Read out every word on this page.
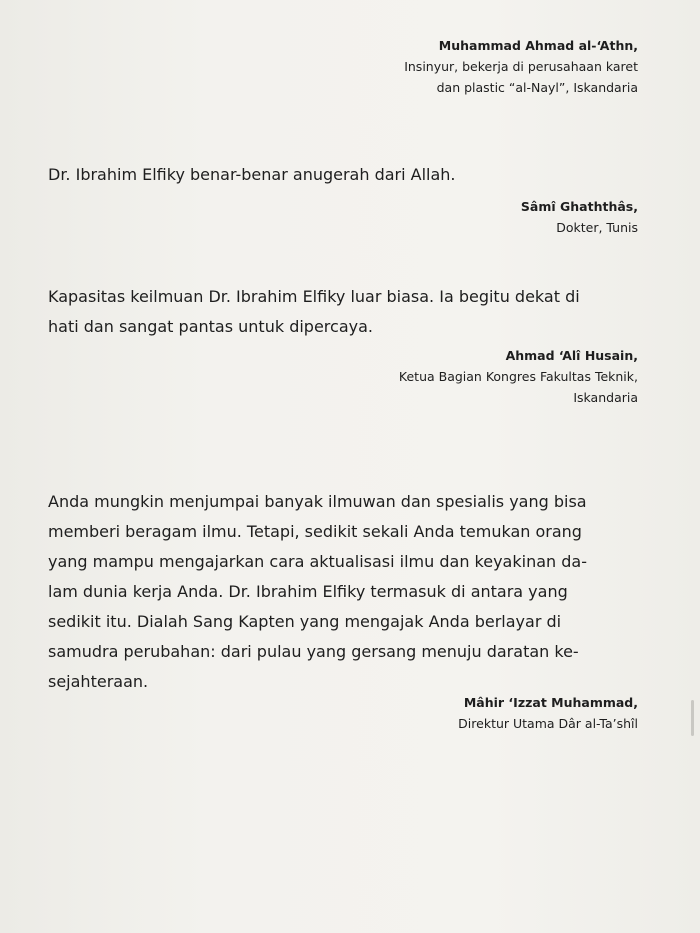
Muhammad Ahmad al-‘Athn,
Insinyur, bekerja di perusahaan karet
dan plastic “al-Nayl”, Iskandaria
Dr. Ibrahim Elfiky benar-benar anugerah dari Allah.
Sâmî Ghaththâs,
Dokter, Tunis
Kapasitas keilmuan Dr. Ibrahim Elfiky luar biasa. Ia begitu dekat di
hati dan sangat pantas untuk dipercaya.
Ahmad ‘Alî Husain,
Ketua Bagian Kongres Fakultas Teknik,
Iskandaria
Anda mungkin menjumpai banyak ilmuwan dan spesialis yang bisa
memberi beragam ilmu. Tetapi, sedikit sekali Anda temukan orang
yang mampu mengajarkan cara aktualisasi ilmu dan keyakinan da-
lam dunia kerja Anda. Dr. Ibrahim Elfiky termasuk di antara yang
sedikit itu. Dialah Sang Kapten yang mengajak Anda berlayar di
samudra perubahan: dari pulau yang gersang menuju daratan ke-
sejahteraan.
Mâhir ‘Izzat Muhammad,
Direktur Utama Dâr al-Ta’shîl
